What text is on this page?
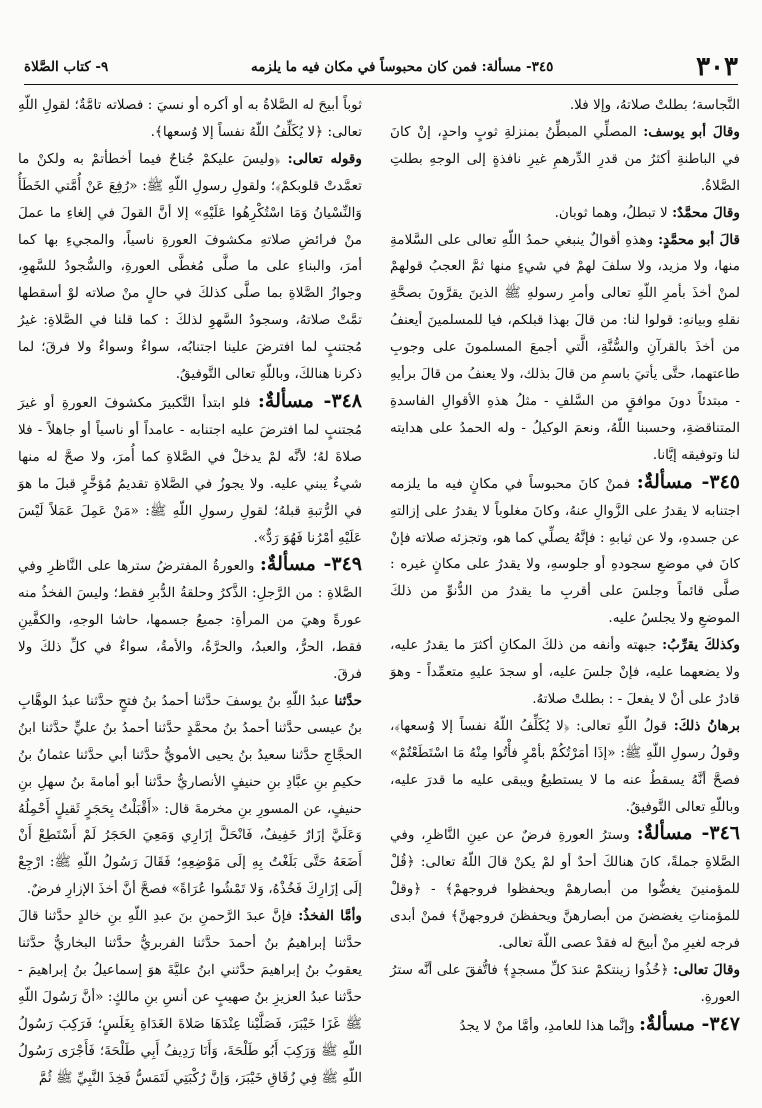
٣٠٣
٣٤٥- مسألة: فمن كان محبوساً في مكان فيه ما يلزمه
٩- كتاب الصَّلاة

النَّجاسة؛ بطلتْ صلاتهُ، وإلا فلا.

وقالَ أبو يوسف: المصلِّي المبطِّنُ بمنزلةِ ثوبٍ واحدٍ، إنْ كانَ في الباطنةِ أكثرُ من قدرِ الدِّرهمِ غيرِ نافذةٍ إلى الوجهِ بطلتِ الصَّلاةُ.

وقالَ محمَّدٌ: لا تبطلُ، وهما ثوبان.

قالَ أبو محمَّدٍ: وهذهِ أقوالٌ ينبغي حمدُ اللّهِ تعالى على السَّلامةِ منها، ولا مزيد، ولا سلفَ لهمْ في شيءٍ منها ثمَّ العجبُ قولهمْ لمنْ أخذَ بأمرِ اللّهِ تعالى وأمرِ رسولهِ ﷺ الذينَ يقرَّونَ بصحَّةِ نقلهِ وبيانهِ: قولوا لنا: من قالَ بهذا قبلكم، فيا للمسلمينَ أيعنفُ من أخذَ بالقرآنِ والسُّنَّةِ، الَّتي أجمعَ المسلمونَ على وجوبِ طاعتهما، حتَّى يأتيَ باسمِ من قالَ بذلك، ولا يعنفُ من قالَ برأيهِ - مبتدئاً دونَ موافقٍ من السَّلفِ - مثلُ هذهِ الأقوالِ الفاسدةِ المتناقضةِ، وحسبنا اللّهُ، ونعمَ الوكيلُ - وله الحمدُ على هدايته لنا وتوفيقه إيَّانا.

٣٤٥- مسألةٌ: فمنْ كانَ محبوساً في مكانٍ فيه ما يلزمه اجتنابه لا يقدرُ على الزَّوالِ عنهُ، وكانَ مغلوباً لا يقدرُ على إزالتهِ عن جسدهِ، ولا عن ثيابهِ : فإنَّهُ يصلِّي كما هو، وتجزئه صلاته فإنْ كانَ في موضعِ سجودهِ أو جلوسهِ، ولا يقدرُ على مكانٍ غيره : صلَّى قائماً وجلسَ على أقربِ ما يقدرُ من الدُّنوِّ من ذلكَ الموضعِ ولا يجلسُ عليه.

وكذلكَ يقرِّبُ: جبهته وأنفه من ذلكَ المكانِ أكثرَ ما يقدرُ عليه، ولا يضعهما عليه، فإنْ جلسَ عليه، أو سجدَ عليهِ متعمِّداً - وهوَ قادرٌ على أنْ لا يفعلَ - : بطلتْ صلاتهُ.

برهانُ ذلكَ: قولُ اللّهِ تعالى: ﴿لا يُكَلِّفُ اللّهُ نفساً إلا وُسعها﴾، وقولُ رسولِ اللّهِ ﷺ: «إذَا أمَرْتُكُمْ بأمْرٍ فأْتُوا مِنْهُ مَا اسْتَطَعْتُمْ» فصحَّ أنَّهُ يسقطُ عنه ما لا يستطيعُ ويبقى عليه ما قدرَ عليه، وباللّهِ تعالى التَّوفيقُ.

٣٤٦- مسألةٌ: وسترُ العورةِ فرضٌ عن عينِ النَّاظرِ، وفي الصَّلاةِ جملةً، كانَ هنالكَ أحدٌ أو لمْ يكنْ قالَ اللّهُ تعالى: ﴿قُلْ للمؤمنينَ يغضُّوا من أبصارهمْ ويحفظوا فروجهمْ﴾ - ﴿وقلْ للمؤمناتِ يغضضنَ من أبصارهنَّ ويحفظنَ فروجهنَّ﴾ فمنْ أبدى فرجه لغيرِ منْ أبيحَ له فقدْ عصى اللّهَ تعالى.

وقالَ تعالى: ﴿خُذُوا زينتكمْ عندَ كلِّ مسجدٍ﴾ فاتُّفقَ على أنَّه سترُ العورةِ.

٣٤٧- مسألةٌ: وإنَّما هذا للعامدِ، وأمَّا منْ لا يجدُ

ثوباً أبيحَ له الصَّلاةُ به أو أكره أو نسيَ : فصلاته تامَّةٌ؛ لقولِ اللّهِ تعالى: ﴿لا يُكَلِّفُ اللّهُ نفساً إلا وُسعها﴾.

وقوله تعالى: ﴿وليسَ عليكمْ جُناحٌ فيما أخطأتمْ به ولكنْ ما تعمَّدتْ قلوبكمْ﴾؛ ولقولِ رسولِ اللّهِ ﷺ: «رُفِعَ عَنْ أُمَّتي الخَطَأُ وَالنِّسْيانُ وَمَا اسْتُكْرِهُوا عَلَيْهِ» إلا أنَّ القولَ في إلغاءِ ما عملَ منْ فرائضِ صلاتهِ مكشوفَ العورةِ ناسياً، والمجيءِ بها كما أمرَ، والبناءِ على ما صلَّى مُغطَّى العورةِ، والسُّجودُ للسَّهوِ، وجوازُ الصَّلاةِ بما صلَّى كذلكَ في حالٍ منْ صلاته لوْ أسقطها تمَّتْ صلاتهُ، وسجودُ السَّهوِ لذلكَ : كما قلنا في الصَّلاةِ: غيرُ مُجتنبٍ لما افترضَ علينا اجتنابُه، سواءٌ وسواءٌ ولا فرقَ؛ لما ذكرنا هنالكَ، وباللّهِ تعالى التَّوفيقُ.

٣٤٨- مسألةٌ: فلو ابتدأ التَّكبيرَ مكشوفَ العورةِ أو غيرَ مُجتنبٍ لما افترضَ عليه اجتنابه - عامداً أو ناسياً أو جاهلاً - فلا صلاةَ لهُ؛ لأنَّه لمْ يدخلْ في الصَّلاةِ كما أُمرَ، ولا صحَّ له منها شيءٌ يبني عليه. ولا يجوزُ في الصَّلاةِ تقديمُ مُؤخَّرٍ قبلَ ما هوَ في الرُّتبةِ قبلهُ؛ لقولِ رسولِ اللّهِ ﷺ: «مَنْ عَمِلَ عَمَلاً لَيْسَ عَلَيْهِ أمْرُنا فَهُوَ رَدٌّ».

٣٤٩- مسألةٌ: والعورةُ المفترضُ سترها على النَّاظرِ وفي الصَّلاةِ : من الرَّجلِ: الذَّكرُ وحلقةُ الدُّبرِ فقط؛ وليسَ الفخذُ منه عورةً وهيَ من المرأةِ: جميعُ جسمها، حاشا الوجهِ، والكفَّينِ فقط، الحرُّ، والعبدُ، والحرَّةُ، والأمةُ، سواءٌ في كلِّ ذلكَ ولا فرقَ.

حدَّثنا عبدُ اللّهِ بنُ يوسفَ حدَّثنا أحمدُ بنُ فتحٍ حدَّثنا عبدُ الوهَّابِ بنُ عيسى حدَّثنا أحمدُ بنُ محمَّدٍ حدَّثنا أحمدُ بنُ عليٍّ حدَّثنا ابنُ الحجَّاجِ حدَّثنا سعيدُ بنُ يحيى الأمويُّ حدَّثنا أبي حدَّثنا عثمانُ بنُ حكيمِ بنِ عبَّادِ بنِ حنيفٍ الأنصاريُّ حدَّثنا أبو أمامةَ بنُ سهلِ بنِ حنيفٍ، عن المسورِ بنِ مخرمةَ قال: «أَقْبَلْتُ بِحَجَرٍ ثَقيلٍ أَحْمِلُهُ وَعَلَيَّ إزَارٌ خَفِيفٌ، فَانْحَلَّ إزَارِي وَمَعِيَ الحَجَرُ لَمْ أَسْتَطِعْ أَنْ أَضَعَهُ حَتَّى بَلَغْتُ بِهِ إلَى مَوْضِعِهِ؛ فَقَالَ رَسُولُ اللّهِ ﷺ: ارْجِعْ إلَى إزَارِكَ فَخُذْهُ، وَلا تَمْشُوا عُرَاةً» فصحَّ أنَّ أخذَ الإزارِ فرضٌ.

وأمَّا الفخذُ: فإنَّ عبدَ الرَّحمنِ بنَ عبدِ اللّهِ بنِ خالدٍ حدَّثنا قالَ حدَّثنا إبراهيمُ بنُ أحمدَ حدَّثنا الفربريُّ حدَّثنا البخاريُّ حدَّثنا يعقوبُ بنُ إبراهيمَ حدَّثني ابنُ عليَّةَ هوَ إسماعيلُ بنُ إبراهيمَ - حدَّثنا عبدُ العزيزِ بنُ صهيبٍ عن أنسِ بنِ مالكٍ: «أنَّ رَسُولَ اللّهِ ﷺ غَزَا خَيْبَرَ، فَصَلَّيْنا عِنْدَهَا صَلاةَ الغَدَاةِ بِغَلَسٍ؛ فَرَكِبَ رَسُولُ اللّهِ ﷺ وَرَكِبَ أَبُو طَلْحَةَ، وَأَنَا رَدِيفُ أَبِي طَلْحَةَ؛ فَأَجْرَى رَسُولُ اللّهِ ﷺ فِي زُقَاقِ خَيْبَرَ، وَإنَّ رُكْبَتِي لَتَمَسُّ فَخِذَ النَّبِيِّ ﷺ ثُمَّ
